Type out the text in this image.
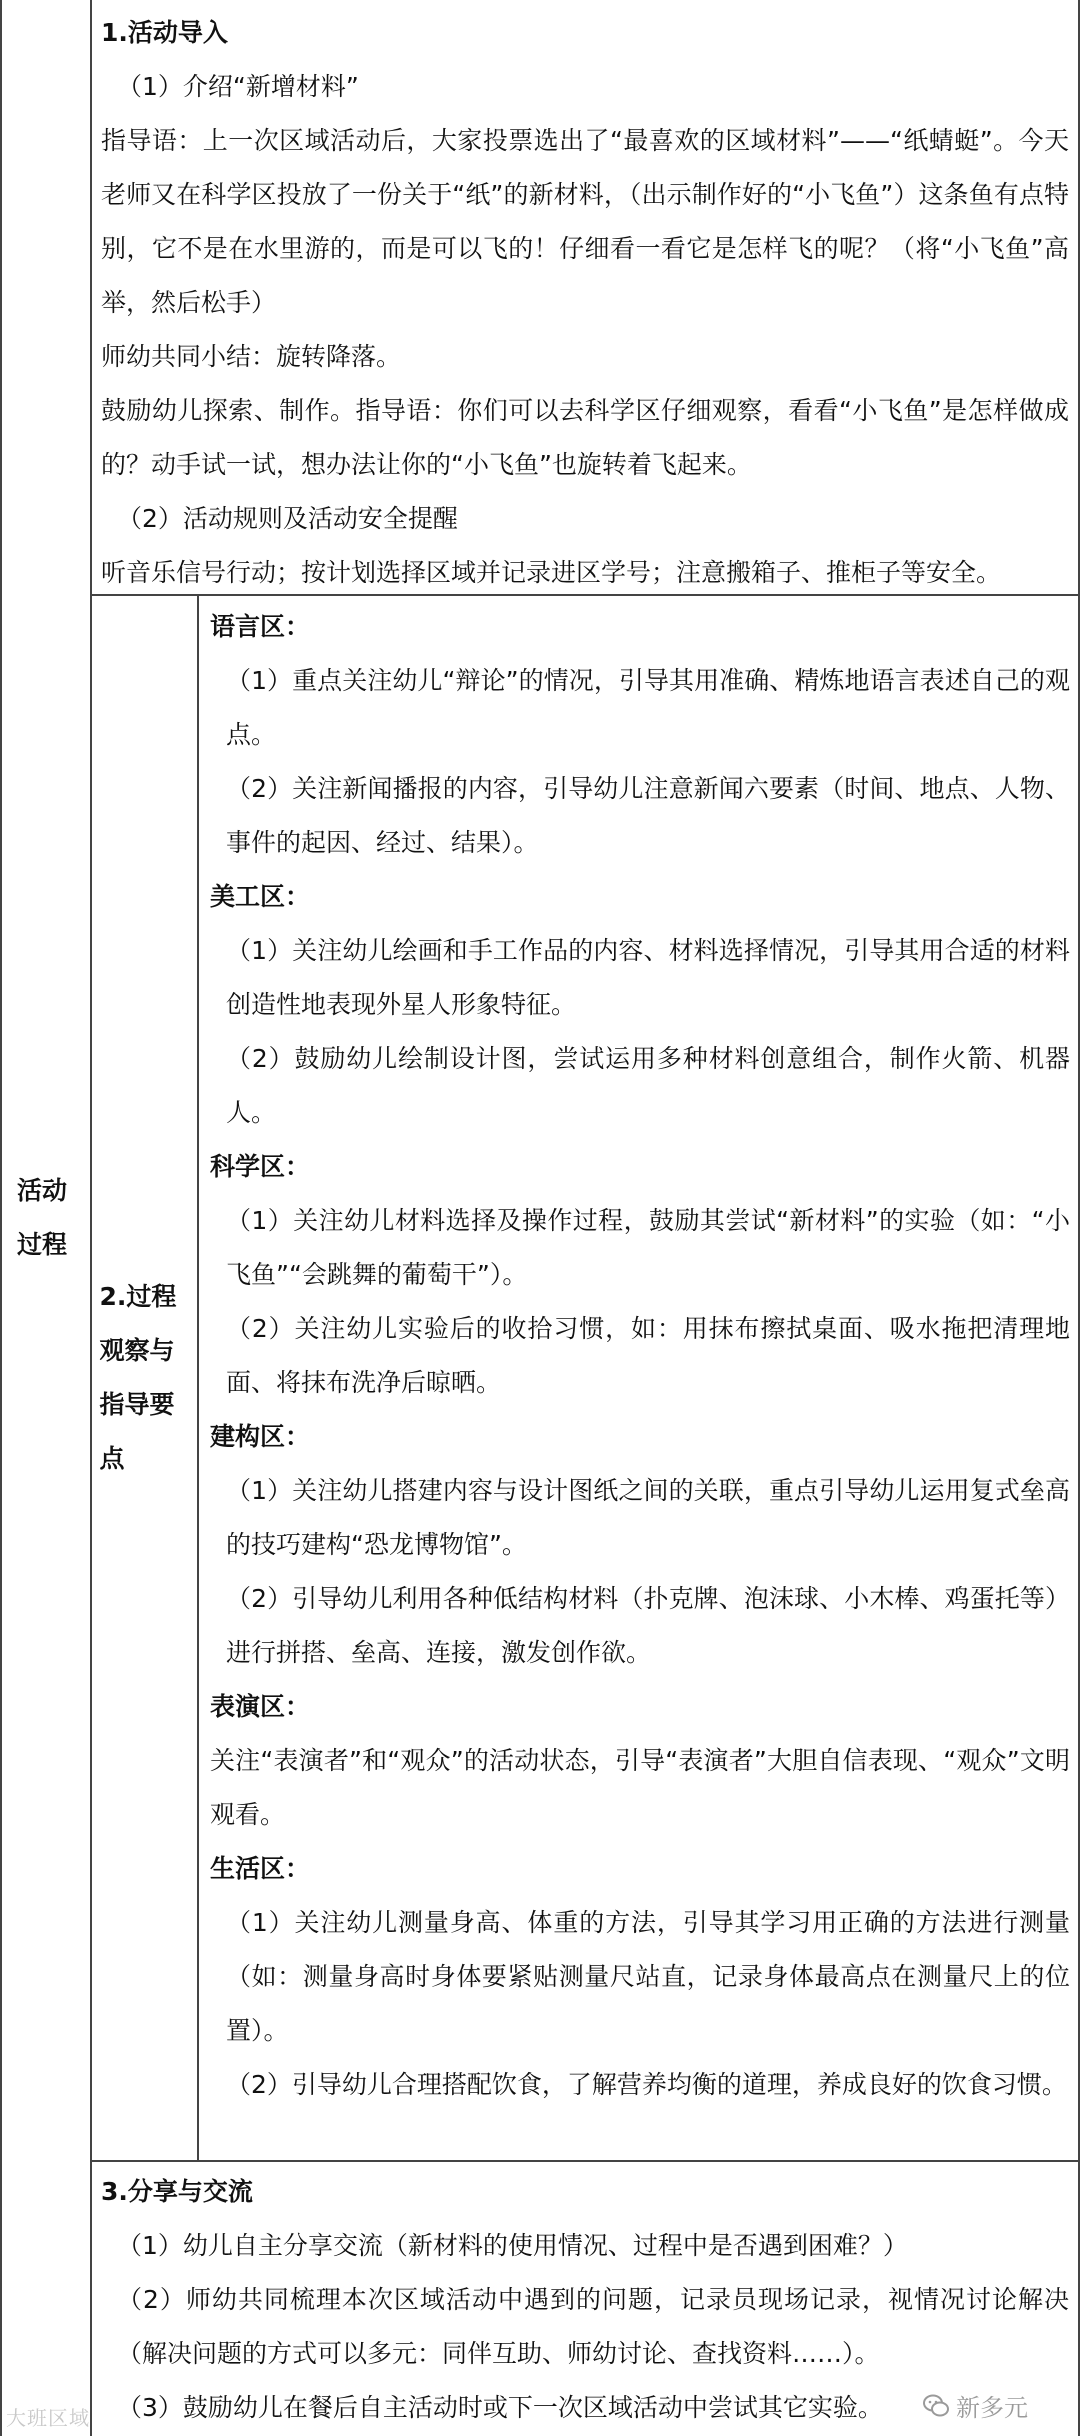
活动过程
1.活动导入
（1）介绍“新增材料”
指导语：上一次区域活动后，大家投票选出了“最喜欢的区域材料”——“纸蜻蜓”。今天老师又在科学区投放了一份关于“纸”的新材料，（出示制作好的“小飞鱼”）这条鱼有点特别，它不是在水里游的，而是可以飞的！仔细看一看它是怎样飞的呢？（将“小飞鱼”高举，然后松手）
师幼共同小结：旋转降落。
鼓励幼儿探索、制作。指导语：你们可以去科学区仔细观察，看看“小飞鱼”是怎样做成的？动手试一试，想办法让你的“小飞鱼”也旋转着飞起来。
（2）活动规则及活动安全提醒
听音乐信号行动；按计划选择区域并记录进区学号；注意搬箱子、推柜子等安全。
2.过程观察与指导要点
语言区：
（1）重点关注幼儿“辩论”的情况，引导其用准确、精炼地语言表述自己的观点。
（2）关注新闻播报的内容，引导幼儿注意新闻六要素（时间、地点、人物、事件的起因、经过、结果）。
美工区：
（1）关注幼儿绘画和手工作品的内容、材料选择情况，引导其用合适的材料创造性地表现外星人形象特征。
（2）鼓励幼儿绘制设计图，尝试运用多种材料创意组合，制作火箭、机器人。
科学区：
（1）关注幼儿材料选择及操作过程，鼓励其尝试“新材料”的实验（如：“小飞鱼”“会跳舞的葡萄干”）。
（2）关注幼儿实验后的收拾习惯，如：用抹布擦拭桌面、吸水拖把清理地面、将抹布洗净后晾晒。
建构区：
（1）关注幼儿搭建内容与设计图纸之间的关联，重点引导幼儿运用复式垒高的技巧建构“恐龙博物馆”。
（2）引导幼儿利用各种低结构材料（扑克牌、泡沫球、小木棒、鸡蛋托等）进行拼搭、垒高、连接，激发创作欲。
表演区：
关注“表演者”和“观众”的活动状态，引导“表演者”大胆自信表现、“观众”文明观看。
生活区：
（1）关注幼儿测量身高、体重的方法，引导其学习用正确的方法进行测量（如：测量身高时身体要紧贴测量尺站直，记录身体最高点在测量尺上的位置）。
（2）引导幼儿合理搭配饮食，了解营养均衡的道理，养成良好的饮食习惯。
3.分享与交流
（1）幼儿自主分享交流（新材料的使用情况、过程中是否遇到困难？）
（2）师幼共同梳理本次区域活动中遇到的问题，记录员现场记录，视情况讨论解决（解决问题的方式可以多元：同伴互助、师幼讨论、查找资料……）。
（3）鼓励幼儿在餐后自主活动时或下一次区域活动中尝试其它实验。	新多元
大班区域
